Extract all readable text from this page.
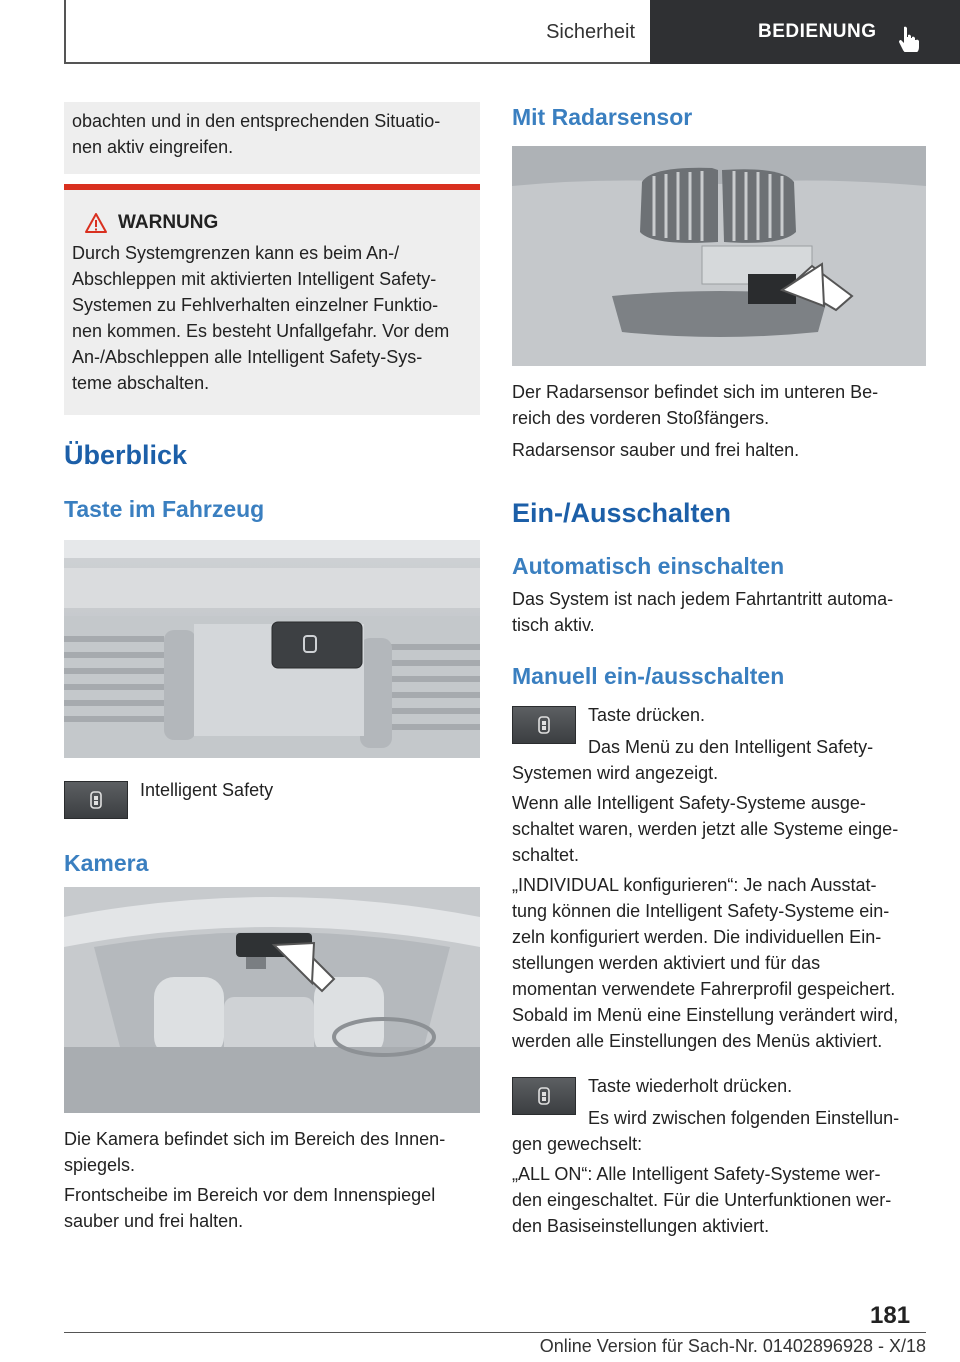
Sicherheit	BEDIENUNG
obachten und in den entsprechenden Situatio-
nen aktiv eingreifen.
WARNUNG
Durch Systemgrenzen kann es beim An-/
Abschleppen mit aktivierten Intelligent Safety-
Systemen zu Fehlverhalten einzelner Funktio-
nen kommen. Es besteht Unfallgefahr. Vor dem
An-/Abschleppen alle Intelligent Safety-Sys-
teme abschalten.
Überblick
Taste im Fahrzeug
Intelligent Safety
Kamera
Die Kamera befindet sich im Bereich des Innen-
spiegels.
Frontscheibe im Bereich vor dem Innenspiegel
sauber und frei halten.
Mit Radarsensor
Der Radarsensor befindet sich im unteren Be-
reich des vorderen Stoßfängers.
Radarsensor sauber und frei halten.
Ein-/Ausschalten
Automatisch einschalten
Das System ist nach jedem Fahrtantritt automa-
tisch aktiv.
Manuell ein-/ausschalten
Taste drücken.
Das Menü zu den Intelligent Safety-
Systemen wird angezeigt.
Wenn alle Intelligent Safety-Systeme ausge-
schaltet waren, werden jetzt alle Systeme einge-
schaltet.
„INDIVIDUAL konfigurieren“: Je nach Ausstat-
tung können die Intelligent Safety-Systeme ein-
zeln konfiguriert werden. Die individuellen Ein-
stellungen werden aktiviert und für das
momentan verwendete Fahrerprofil gespeichert.
Sobald im Menü eine Einstellung verändert wird,
werden alle Einstellungen des Menüs aktiviert.
Taste wiederholt drücken.
Es wird zwischen folgenden Einstellun-
gen gewechselt:
„ALL ON“: Alle Intelligent Safety-Systeme wer-
den eingeschaltet. Für die Unterfunktionen wer-
den Basiseinstellungen aktiviert.
181
Online Version für Sach-Nr. 01402896928 - X/18
